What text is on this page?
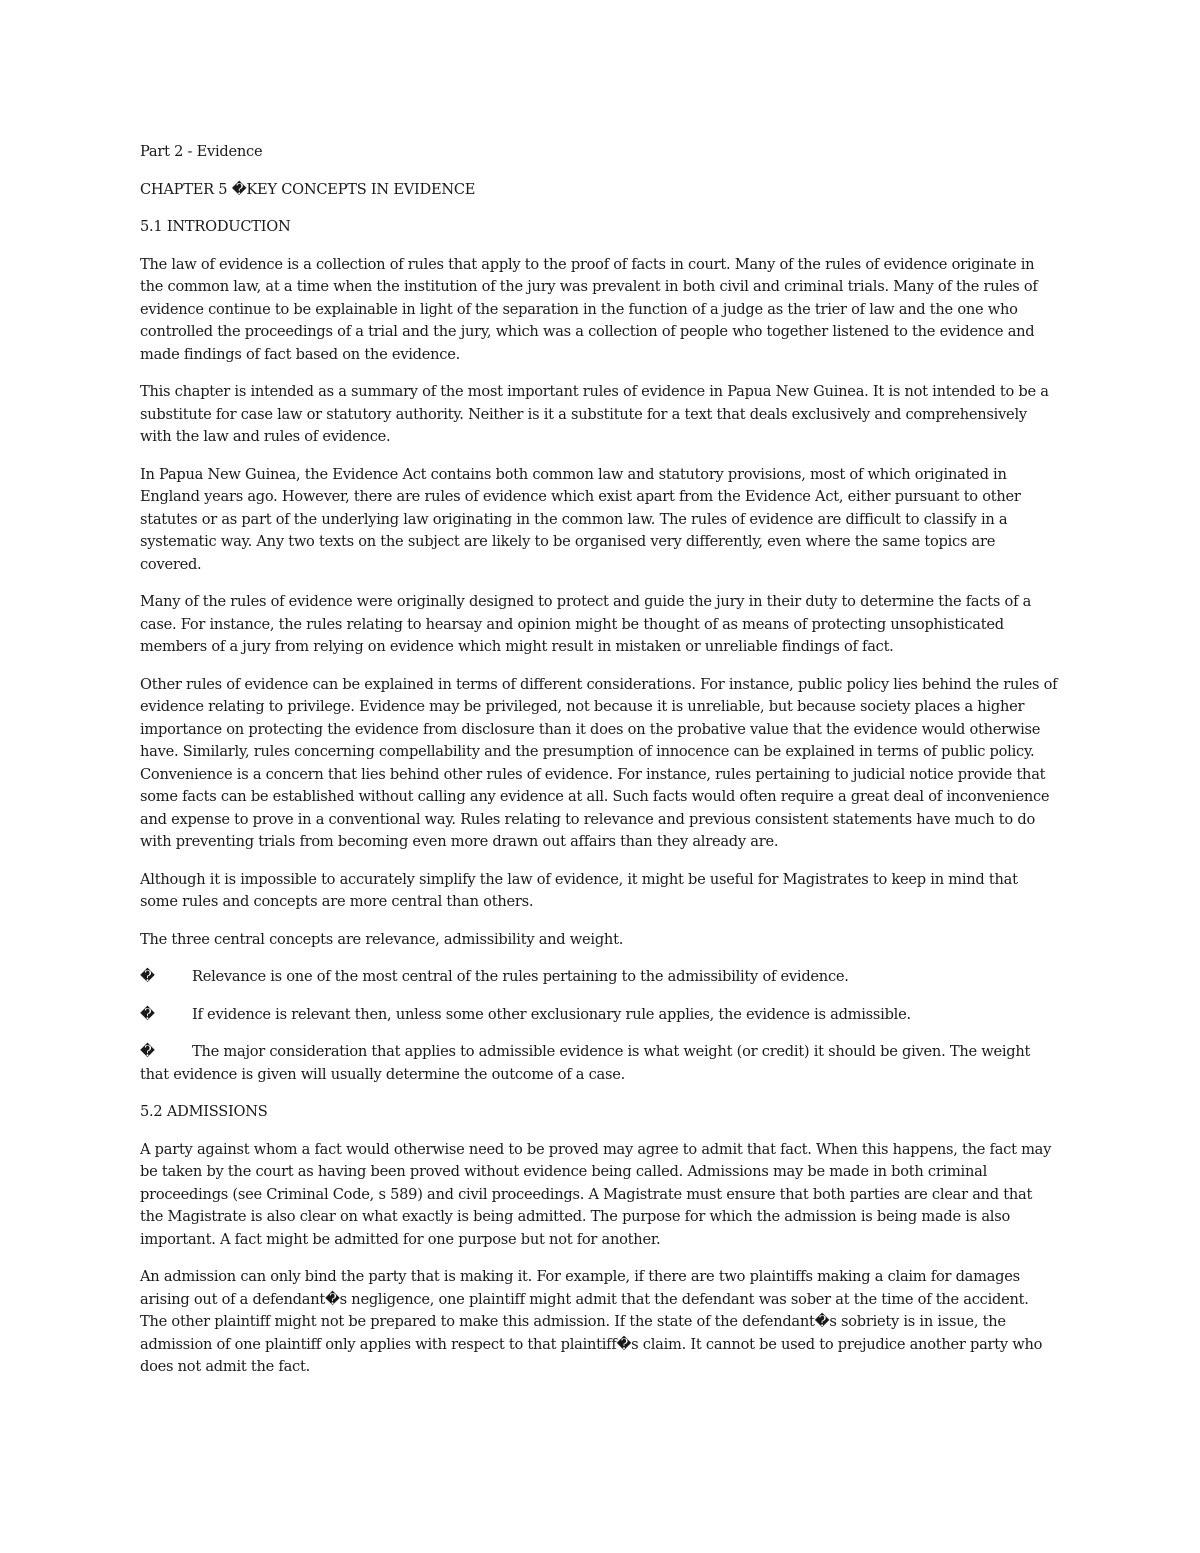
Part 2 - Evidence

CHAPTER 5 �KEY CONCEPTS IN EVIDENCE

5.1 INTRODUCTION

The law of evidence is a collection of rules that apply to the proof of facts in court. Many of the rules of evidence originate in the common law, at a time when the institution of the jury was prevalent in both civil and criminal trials. Many of the rules of evidence continue to be explainable in light of the separation in the function of a judge as the trier of law and the one who controlled the proceedings of a trial and the jury, which was a collection of people who together listened to the evidence and made findings of fact based on the evidence.

This chapter is intended as a summary of the most important rules of evidence in Papua New Guinea. It is not intended to be a substitute for case law or statutory authority. Neither is it a substitute for a text that deals exclusively and comprehensively with the law and rules of evidence.

In Papua New Guinea, the Evidence Act contains both common law and statutory provisions, most of which originated in England years ago. However, there are rules of evidence which exist apart from the Evidence Act, either pursuant to other statutes or as part of the underlying law originating in the common law. The rules of evidence are difficult to classify in a systematic way. Any two texts on the subject are likely to be organised very differently, even where the same topics are covered.

Many of the rules of evidence were originally designed to protect and guide the jury in their duty to determine the facts of a case. For instance, the rules relating to hearsay and opinion might be thought of as means of protecting unsophisticated members of a jury from relying on evidence which might result in mistaken or unreliable findings of fact.

Other rules of evidence can be explained in terms of different considerations. For instance, public policy lies behind the rules of evidence relating to privilege. Evidence may be privileged, not because it is unreliable, but because society places a higher importance on protecting the evidence from disclosure than it does on the probative value that the evidence would otherwise have. Similarly, rules concerning compellability and the presumption of innocence can be explained in terms of public policy. Convenience is a concern that lies behind other rules of evidence. For instance, rules pertaining to judicial notice provide that some facts can be established without calling any evidence at all. Such facts would often require a great deal of inconvenience and expense to prove in a conventional way. Rules relating to relevance and previous consistent statements have much to do with preventing trials from becoming even more drawn out affairs than they already are.

Although it is impossible to accurately simplify the law of evidence, it might be useful for Magistrates to keep in mind that some rules and concepts are more central than others.

The three central concepts are relevance, admissibility and weight.

�	Relevance is one of the most central of the rules pertaining to the admissibility of evidence.

�	If evidence is relevant then, unless some other exclusionary rule applies, the evidence is admissible.

�	The major consideration that applies to admissible evidence is what weight (or credit) it should be given. The weight that evidence is given will usually determine the outcome of a case.

5.2 ADMISSIONS

A party against whom a fact would otherwise need to be proved may agree to admit that fact. When this happens, the fact may be taken by the court as having been proved without evidence being called. Admissions may be made in both criminal proceedings (see Criminal Code, s 589) and civil proceedings. A Magistrate must ensure that both parties are clear and that the Magistrate is also clear on what exactly is being admitted. The purpose for which the admission is being made is also important. A fact might be admitted for one purpose but not for another.

An admission can only bind the party that is making it. For example, if there are two plaintiffs making a claim for damages arising out of a defendant�s negligence, one plaintiff might admit that the defendant was sober at the time of the accident. The other plaintiff might not be prepared to make this admission. If the state of the defendant�s sobriety is in issue, the admission of one plaintiff only applies with respect to that plaintiff�s claim. It cannot be used to prejudice another party who does not admit the fact.
